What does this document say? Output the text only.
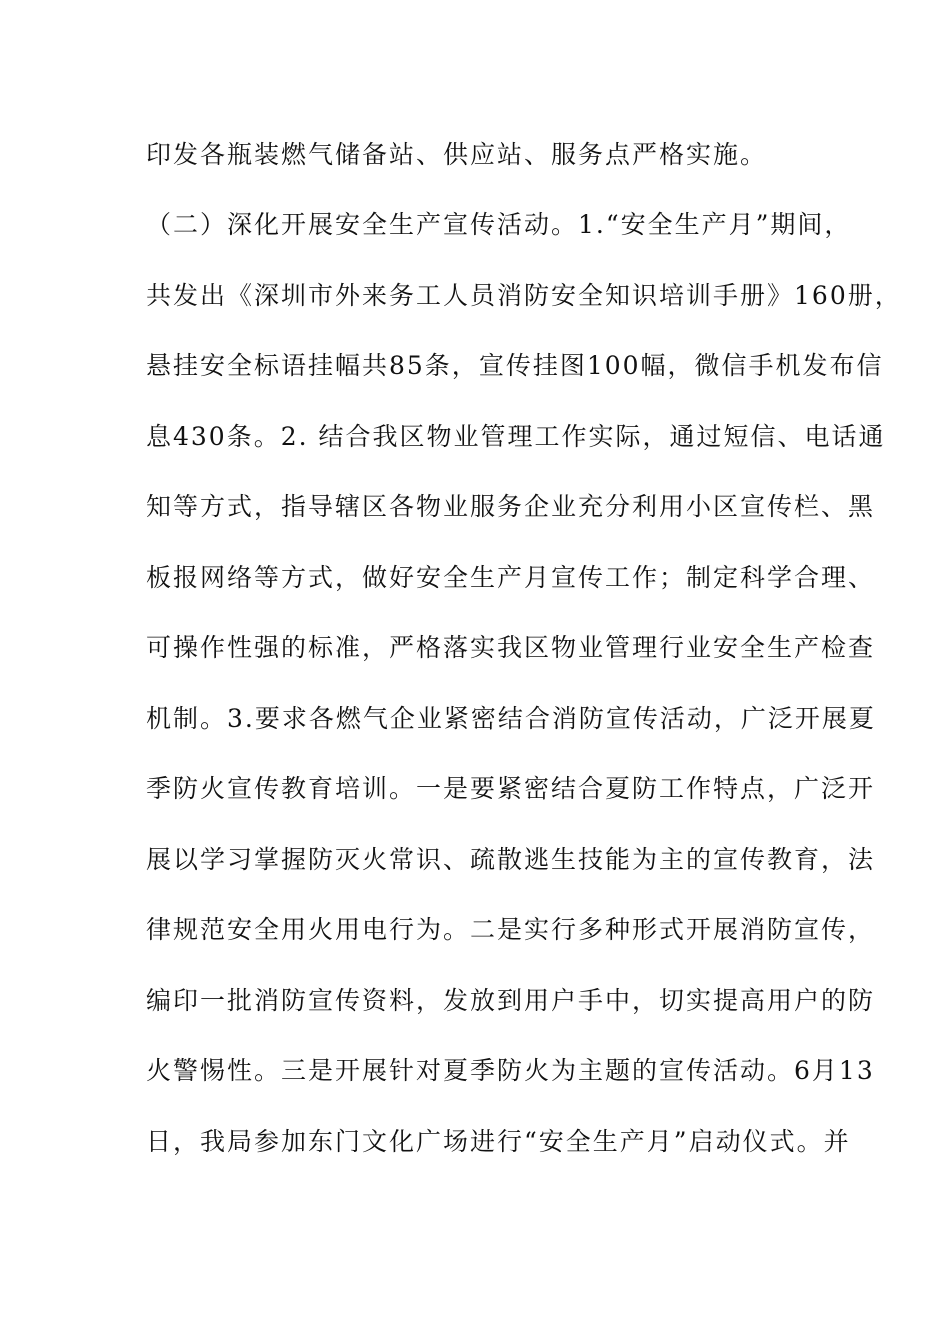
印发各瓶装燃气储备站、供应站、服务点严格实施。
（二）深化开展安全生产宣传活动。1.“安全生产月”期间，
共发出《深圳市外来务工人员消防安全知识培训手册》160册，
悬挂安全标语挂幅共85条，宣传挂图100幅，微信手机发布信
息430条。2. 结合我区物业管理工作实际，通过短信、电话通
知等方式，指导辖区各物业服务企业充分利用小区宣传栏、黑
板报网络等方式，做好安全生产月宣传工作；制定科学合理、
可操作性强的标准，严格落实我区物业管理行业安全生产检查
机制。3.要求各燃气企业紧密结合消防宣传活动，广泛开展夏
季防火宣传教育培训。一是要紧密结合夏防工作特点，广泛开
展以学习掌握防灭火常识、疏散逃生技能为主的宣传教育，法
律规范安全用火用电行为。二是实行多种形式开展消防宣传，
编印一批消防宣传资料，发放到用户手中，切实提高用户的防
火警惕性。三是开展针对夏季防火为主题的宣传活动。6月13
日，我局参加东门文化广场进行“安全生产月”启动仪式。并
